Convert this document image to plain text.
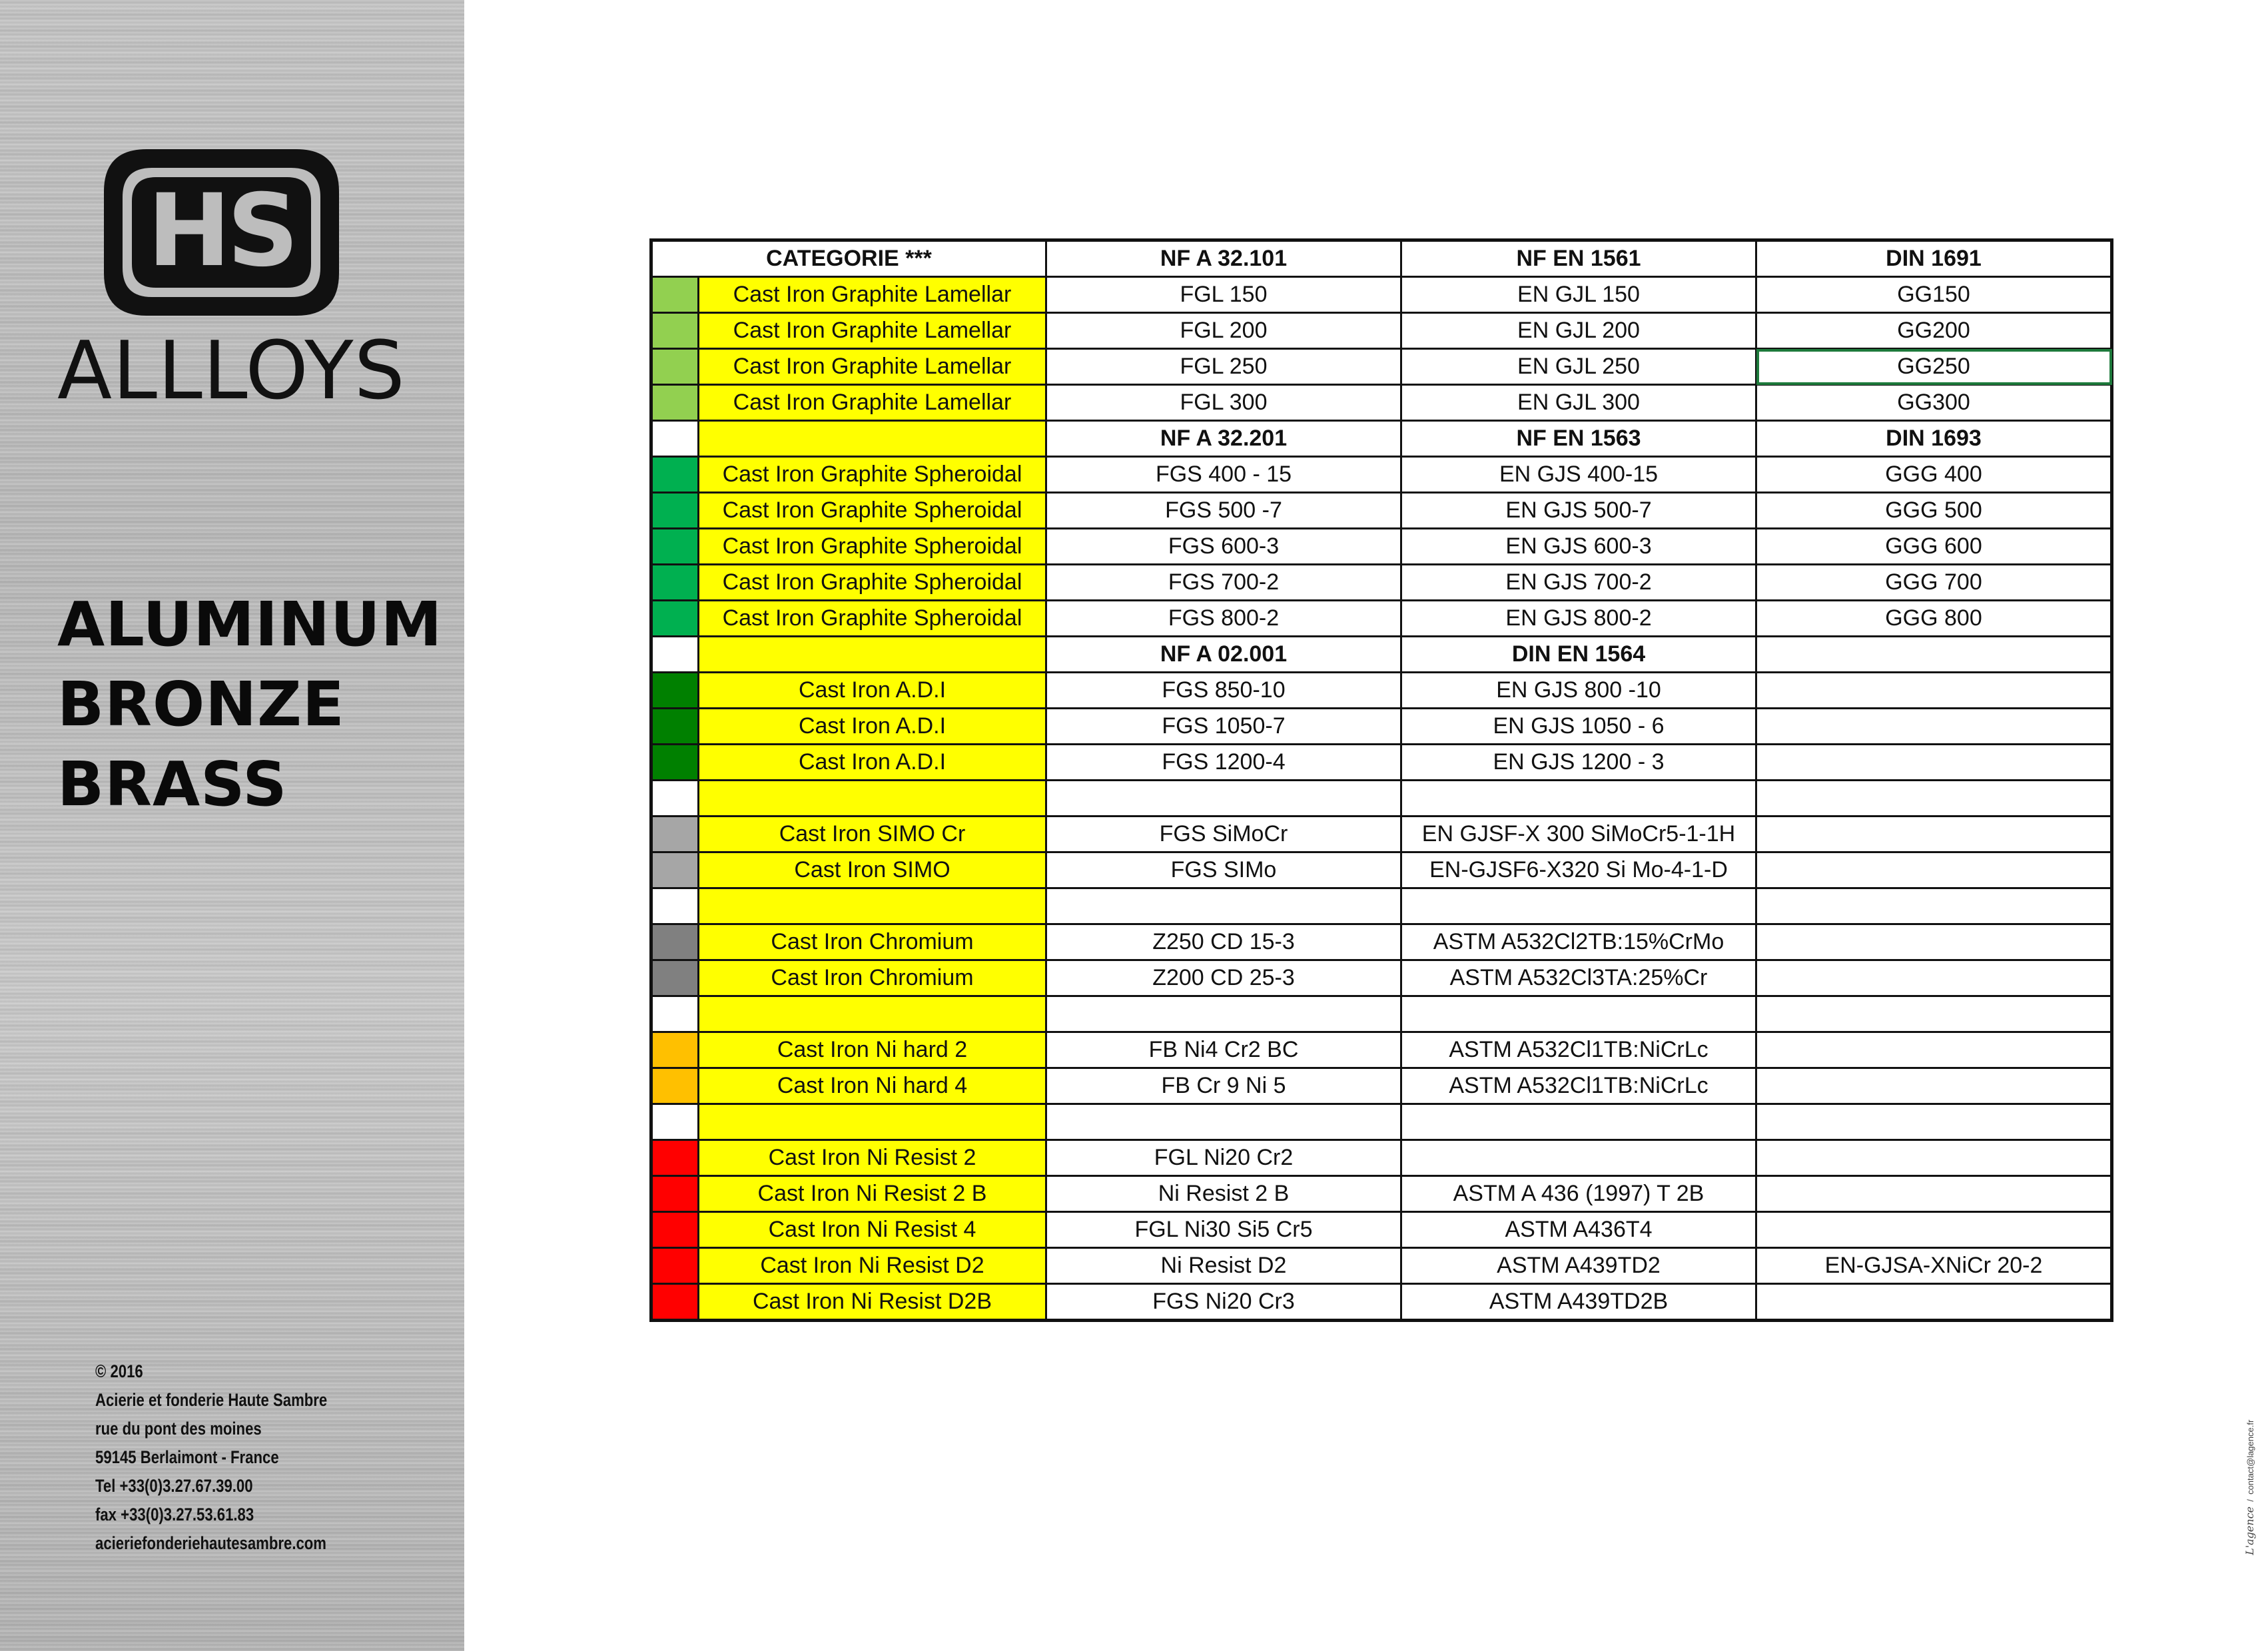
HS
ALLLOYS
ALUMINUM
BRONZE
BRASS
© 2016
Acierie et fonderie Haute Sambre
rue du pont des moines
59145 Berlaimont - France
Tel +33(0)3.27.67.39.00
fax +33(0)3.27.53.61.83
acieriefonderiehautesambre.com
CATEGORIE ***		NF A 32.101	NF EN 1561	DIN 1691
	Cast Iron Graphite Lamellar	FGL 150	EN GJL 150	GG150
	Cast Iron Graphite Lamellar	FGL 200	EN GJL 200	GG200
	Cast Iron Graphite Lamellar	FGL 250	EN GJL 250	GG250
	Cast Iron Graphite Lamellar	FGL 300	EN GJL 300	GG300
		NF A 32.201	NF EN 1563	DIN 1693
	Cast Iron Graphite Spheroidal	FGS 400 - 15	EN GJS 400-15	GGG 400
	Cast Iron Graphite Spheroidal	FGS 500 -7	EN GJS 500-7	GGG 500
	Cast Iron Graphite Spheroidal	FGS 600-3	EN GJS 600-3	GGG 600
	Cast Iron Graphite Spheroidal	FGS 700-2	EN GJS 700-2	GGG 700
	Cast Iron Graphite Spheroidal	FGS 800-2	EN GJS 800-2	GGG 800
		NF A 02.001	DIN EN 1564	
	Cast Iron A.D.I	FGS 850-10	EN GJS 800 -10	
	Cast Iron A.D.I	FGS 1050-7	EN GJS 1050 - 6	
	Cast Iron A.D.I	FGS 1200-4	EN GJS 1200 - 3	

	Cast Iron SIMO Cr	FGS SiMoCr	EN GJSF-X 300 SiMoCr5-1-1H	
	Cast Iron SIMO	FGS SIMo	EN-GJSF6-X320 Si Mo-4-1-D	

	Cast Iron Chromium	Z250 CD 15-3	ASTM A532Cl2TB:15%CrMo	
	Cast Iron Chromium	Z200 CD 25-3	ASTM A532Cl3TA:25%Cr	

	Cast Iron Ni hard 2	FB Ni4 Cr2 BC	ASTM A532Cl1TB:NiCrLc	
	Cast Iron Ni hard 4	FB Cr 9 Ni 5	ASTM A532Cl1TB:NiCrLc	

	Cast Iron Ni Resist 2	FGL Ni20 Cr2		
	Cast Iron Ni Resist 2 B	Ni Resist 2 B	ASTM A 436 (1997) T 2B	
	Cast Iron Ni Resist 4	FGL Ni30 Si5 Cr5	ASTM A436T4	
	Cast Iron Ni Resist D2	Ni Resist D2	ASTM A439TD2	EN-GJSA-XNiCr 20-2
	Cast Iron Ni Resist D2B	FGS Ni20 Cr3	ASTM A439TD2B	
L'agence  /  contact@lagence.fr
